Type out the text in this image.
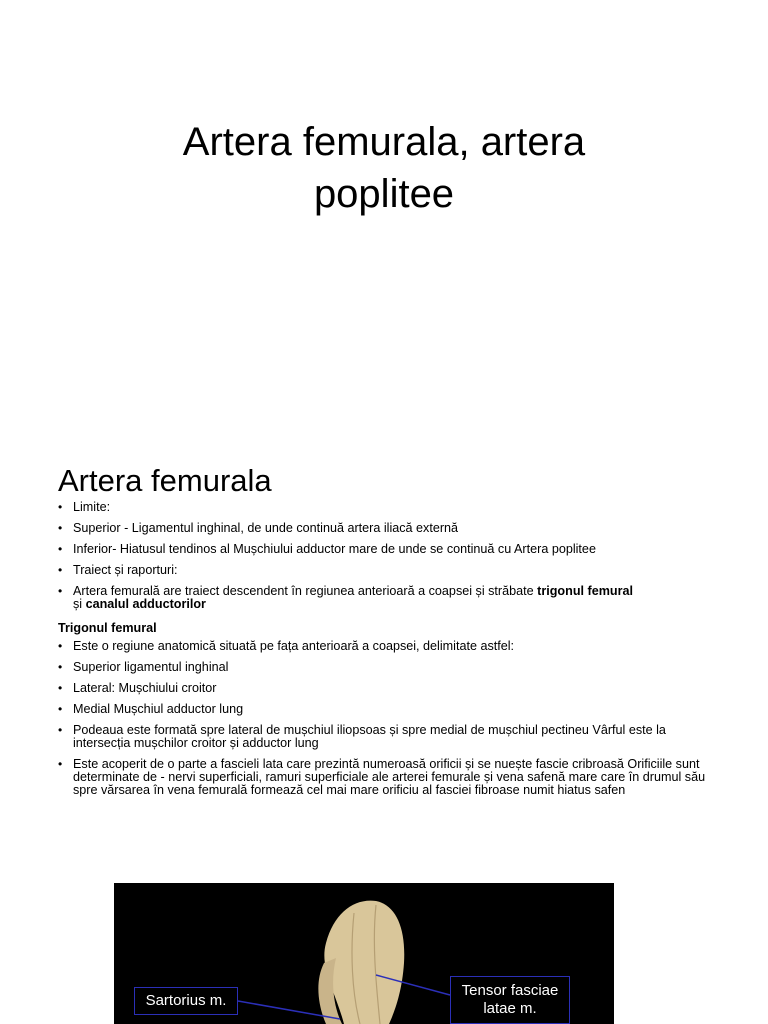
Artera femurala, artera
poplitee
Artera femurala
• Limite:
• Superior - Ligamentul inghinal, de unde continuă artera iliacă externă
• Inferior- Hiatusul tendinos al Mușchiului adductor mare de unde se continuă cu Artera poplitee
• Traiect și raporturi:
• Artera femurală are traiect descendent în regiunea anterioară a coapsei și străbate trigonul femural
și canalul adductorilor

Trigonul femural

• Este o regiune anatomică situată pe fața anterioară a coapsei, delimitate astfel:
• Superior ligamentul inghinal
• Lateral: Mușchiului croitor
• Medial Mușchiul adductor lung
• Podeaua este formată spre lateral de mușchiul iliopsoas și spre medial de mușchiul pectineu Vârful este la intersecția mușchilor croitor și adductor lung
• Este acoperit de o parte a fascieli lata care prezintă numeroasă orificii și se nuește fascie cribroasă Orificiile sunt determinate de - nervi superficiali, ramuri superficiale ale arterei femurale și vena safenă mare care în drumul său spre vărsarea în vena femurală formează cel mai mare orificiu al fasciei fibroase numit hiatus safen
Sartorius m.
Tensor fasciae
latae m.
